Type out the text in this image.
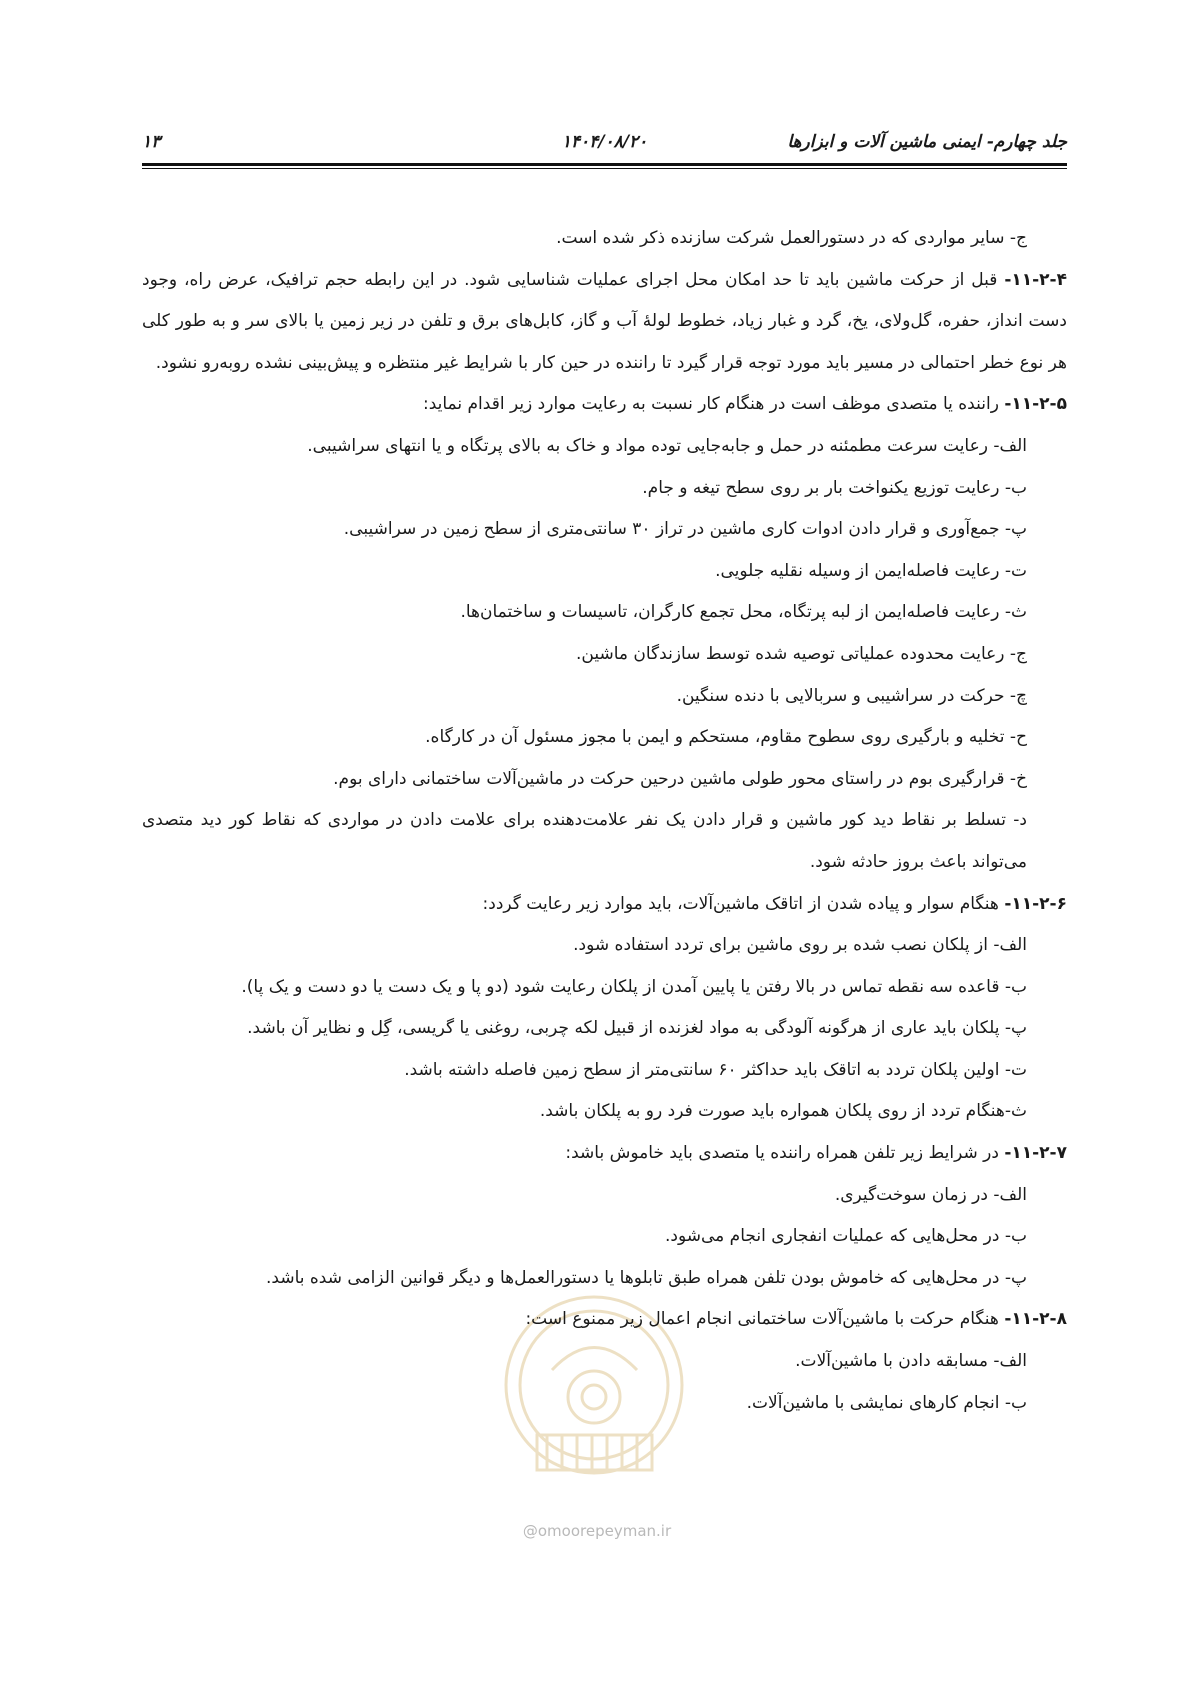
جلد چهارم- ایمنی ماشین آلات و ابزارها
۱۴۰۴/۰۸/۲۰
۱۳
@omoorepeyman.ir

ج- سایر مواردی که در دستورالعمل شرکت سازنده ذکر شده است.

۱۱-۲-۴- قبل از حرکت ماشین باید تا حد امکان محل اجرای عملیات شناسایی شود. در این رابطه حجم ترافیک، عرض راه، وجود دست انداز، حفره، گل‌ولای، یخ، گرد و غبار زیاد، خطوط لولهٔ آب و گاز، کابل‌های برق و تلفن در زیر زمین یا بالای سر و به طور کلی هر نوع خطر احتمالی در مسیر باید مورد توجه قرار گیرد تا راننده در حین کار با شرایط غیر منتظره و پیش‌بینی نشده روبه‌رو نشود.

۱۱-۲-۵- راننده یا متصدی موظف است در هنگام کار نسبت به رعایت موارد زیر اقدام نماید:

الف- رعایت سرعت مطمئنه در حمل و جابه‌جایی توده مواد و خاک به بالای پرتگاه و یا انتهای سراشیبی.

ب- رعایت توزیع یکنواخت بار بر روی سطح تیغه و جام.

پ- جمع‌آوری و قرار دادن ادوات کاری ماشین در تراز ۳۰ سانتی‌متری از سطح زمین در سراشیبی.

ت- رعایت فاصله‌ایمن از وسیله نقلیه جلویی.

ث- رعایت فاصله‌ایمن از لبه پرتگاه، محل تجمع کارگران، تاسیسات و ساختمان‌ها.

ج- رعایت محدوده عملیاتی توصیه شده توسط سازندگان ماشین.

چ- حرکت در سراشیبی و سربالایی با دنده سنگین.

ح- تخلیه و بارگیری روی سطوح مقاوم، مستحکم و ایمن با مجوز مسئول آن در کارگاه.

خ- قرارگیری بوم در راستای محور طولی ماشین درحین حرکت در ماشین‌آلات ساختمانی دارای بوم.

د- تسلط بر نقاط دید کور ماشین و قرار دادن یک نفر علامت‌دهنده برای علامت دادن در مواردی که نقاط کور دید متصدی می‌تواند باعث بروز حادثه شود.

۱۱-۲-۶- هنگام سوار و پیاده شدن از اتاقک ماشین‌آلات، باید موارد زیر رعایت گردد:

الف- از پلکان نصب شده بر روی ماشین برای تردد استفاده شود.

ب- قاعده سه نقطه تماس در بالا رفتن یا پایین آمدن از پلکان رعایت شود (دو پا و یک دست یا دو دست و یک پا).

پ- پلکان باید عاری از هرگونه آلودگی به مواد لغزنده از قبیل لکه چربی، روغنی یا گریسی، گِل و نظایر آن باشد.

ت- اولین پلکان تردد به اتاقک باید حداکثر ۶۰ سانتی‌متر از سطح زمین فاصله داشته باشد.

ث-هنگام تردد از روی پلکان همواره باید صورت فرد رو به پلکان باشد.

۱۱-۲-۷- در شرایط زیر تلفن همراه راننده یا متصدی باید خاموش باشد:

الف- در زمان سوخت‌گیری.

ب- در محل‌هایی که عملیات انفجاری انجام می‌شود.

پ- در محل‌هایی که خاموش بودن تلفن همراه طبق تابلوها یا دستورالعمل‌ها و دیگر قوانین الزامی شده باشد.

۱۱-۲-۸- هنگام حرکت با ماشین‌آلات ساختمانی انجام اعمال زیر ممنوع است:

الف- مسابقه دادن با ماشین‌آلات.

ب- انجام کارهای نمایشی با ماشین‌آلات.
